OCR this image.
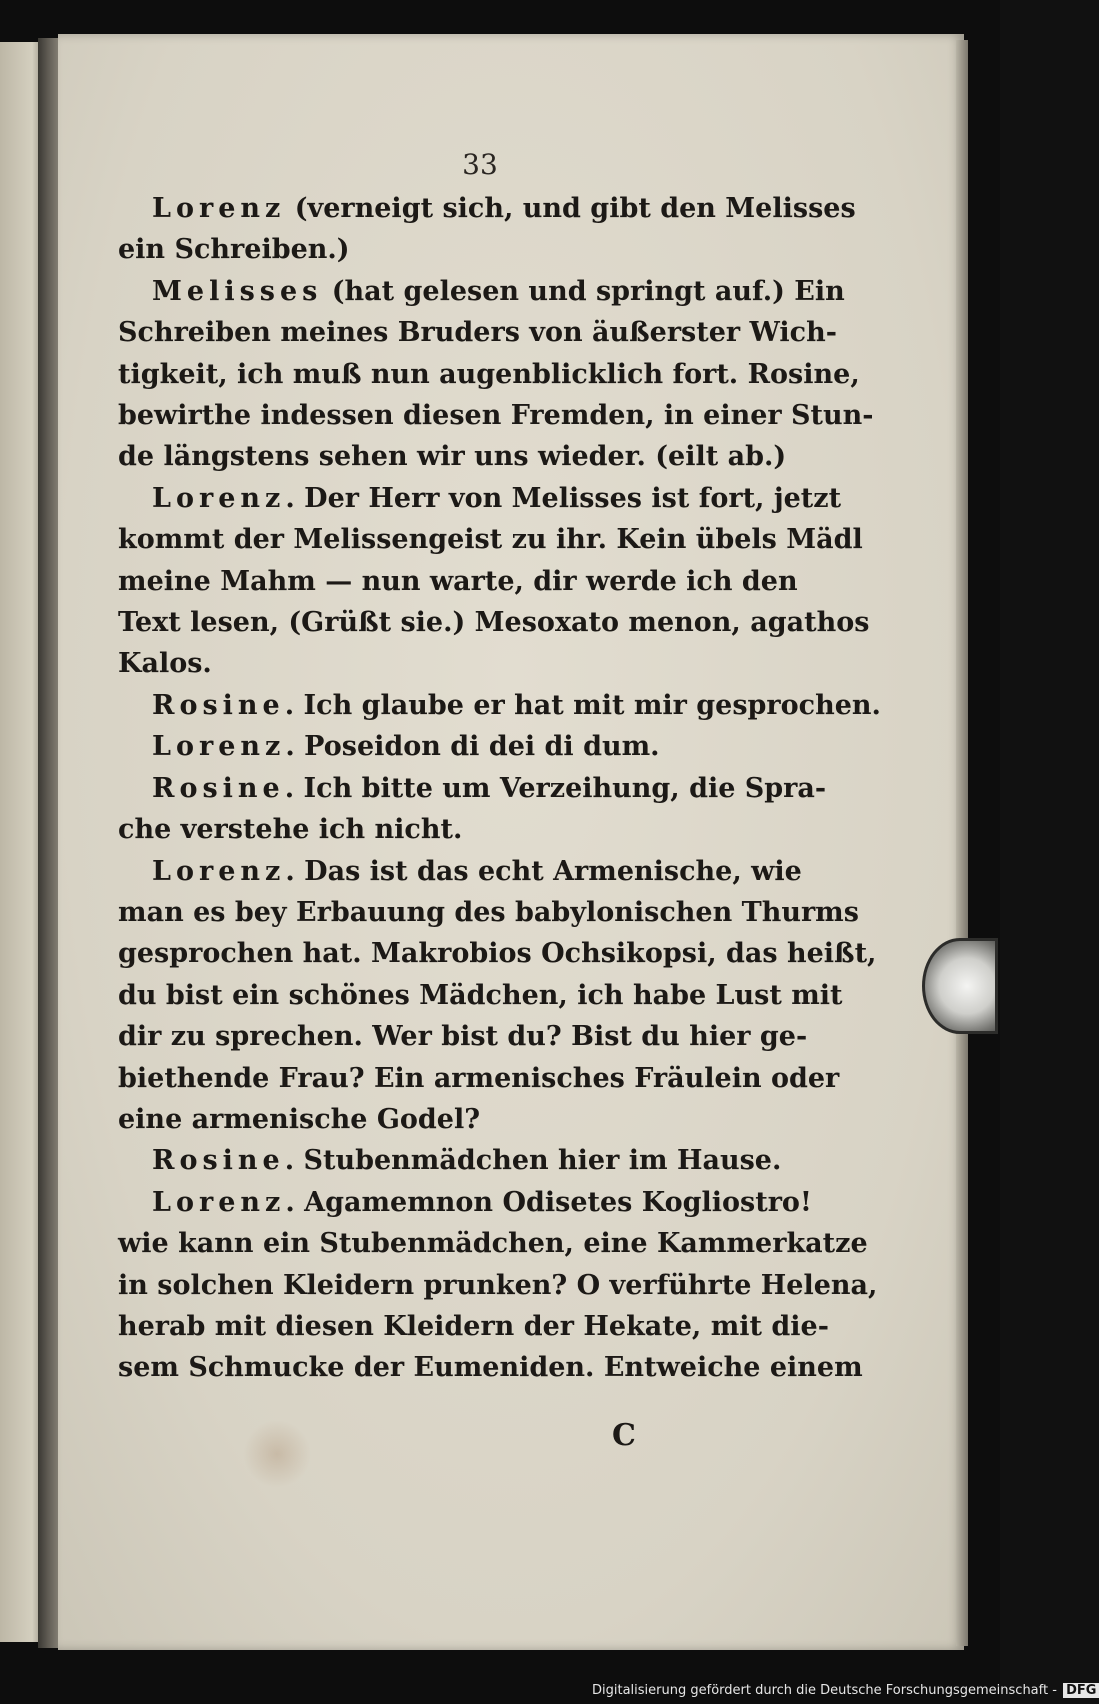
33
Lorenz (verneigt sich, und gibt den Melisses
ein Schreiben.)
Melisses (hat gelesen und springt auf.) Ein
Schreiben meines Bruders von äußerster Wich-
tigkeit, ich muß nun augenblicklich fort. Rosine,
bewirthe indessen diesen Fremden, in einer Stun-
de längstens sehen wir uns wieder. (eilt ab.)
Lorenz. Der Herr von Melisses ist fort, jetzt
kommt der Melissengeist zu ihr. Kein übels Mädl
meine Mahm — nun warte, dir werde ich den
Text lesen, (Grüßt sie.) Mesoxato menon, agathos
Kalos.
Rosine. Ich glaube er hat mit mir gesprochen.
Lorenz. Poseidon di dei di dum.
Rosine. Ich bitte um Verzeihung, die Spra-
che verstehe ich nicht.
Lorenz. Das ist das echt Armenische, wie
man es bey Erbauung des babylonischen Thurms
gesprochen hat. Makrobios Ochsikopsi, das heißt,
du bist ein schönes Mädchen, ich habe Lust mit
dir zu sprechen. Wer bist du? Bist du hier ge-
biethende Frau? Ein armenisches Fräulein oder
eine armenische Godel?
Rosine. Stubenmädchen hier im Hause.
Lorenz. Agamemnon Odisetes Kogliostro!
wie kann ein Stubenmädchen, eine Kammerkatze
in solchen Kleidern prunken? O verführte Helena,
herab mit diesen Kleidern der Hekate, mit die-
sem Schmucke der Eumeniden. Entweiche einem
C
Digitalisierung gefördert durch die Deutsche Forschungsgemeinschaft - DFG
